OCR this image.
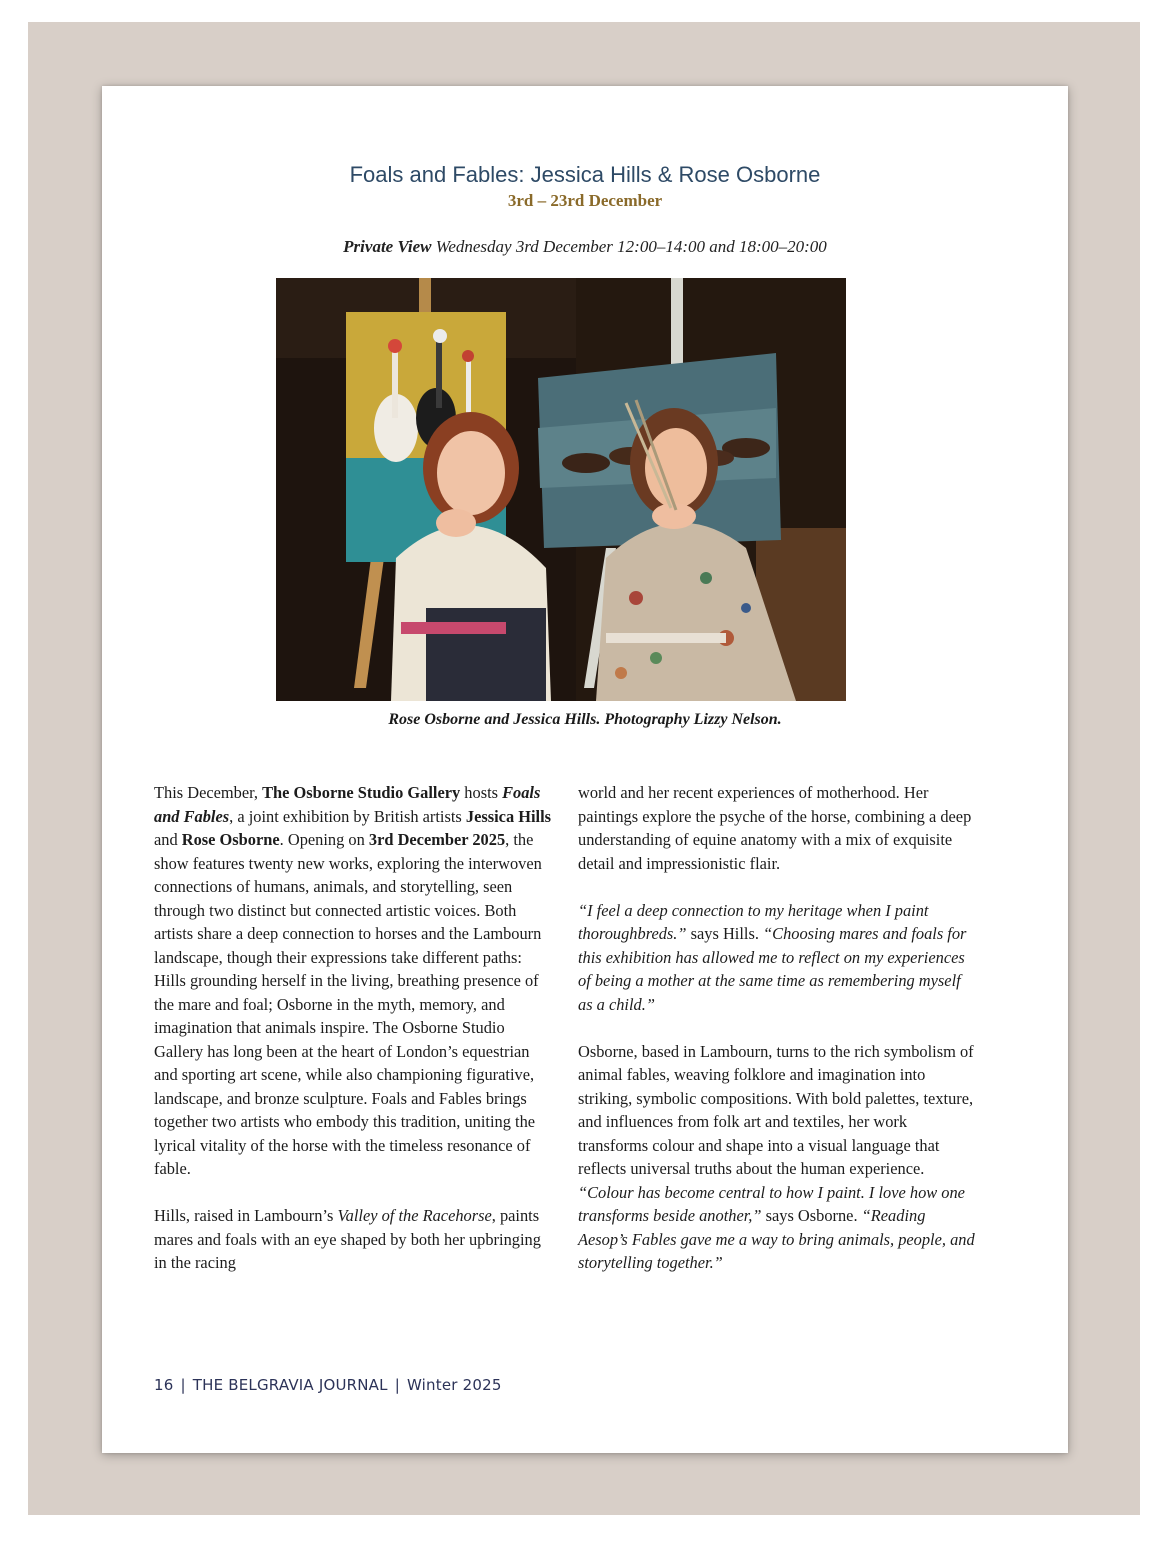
Foals and Fables: Jessica Hills & Rose Osborne
3rd – 23rd December
Private View Wednesday 3rd December 12:00–14:00 and 18:00–20:00
Rose Osborne and Jessica Hills. Photography Lizzy Nelson.

This December, The Osborne Studio Gallery hosts Foals and Fables, a joint exhibition by British artists Jessica Hills and Rose Osborne. Opening on 3rd December 2025, the show features twenty new works, exploring the interwoven connections of humans, animals, and storytelling, seen through two distinct but connected artistic voices. Both artists share a deep connection to horses and the Lambourn landscape, though their expressions take different paths: Hills grounding herself in the living, breathing presence of the mare and foal; Osborne in the myth, memory, and imagination that animals inspire. The Osborne Studio Gallery has long been at the heart of London’s equestrian and sporting art scene, while also championing figurative, landscape, and bronze sculpture. Foals and Fables brings together two artists who embody this tradition, uniting the lyrical vitality of the horse with the timeless resonance of fable.

Hills, raised in Lambourn’s Valley of the Racehorse, paints mares and foals with an eye shaped by both her upbringing in the racing

world and her recent experiences of motherhood. Her paintings explore the psyche of the horse, combining a deep understanding of equine anatomy with a mix of exquisite detail and impressionistic flair.

“I feel a deep connection to my heritage when I paint thoroughbreds.” says Hills. “Choosing mares and foals for this exhibition has allowed me to reflect on my experiences of being a mother at the same time as remembering myself as a child.”

Osborne, based in Lambourn, turns to the rich symbolism of animal fables, weaving folklore and imagination into striking, symbolic compositions. With bold palettes, texture, and influences from folk art and textiles, her work transforms colour and shape into a visual language that reflects universal truths about the human experience.

“Colour has become central to how I paint. I love how one transforms beside another,” says Osborne. “Reading Aesop’s Fables gave me a way to bring animals, people, and storytelling together.”

16 | THE BELGRAVIA JOURNAL | Winter 2025
